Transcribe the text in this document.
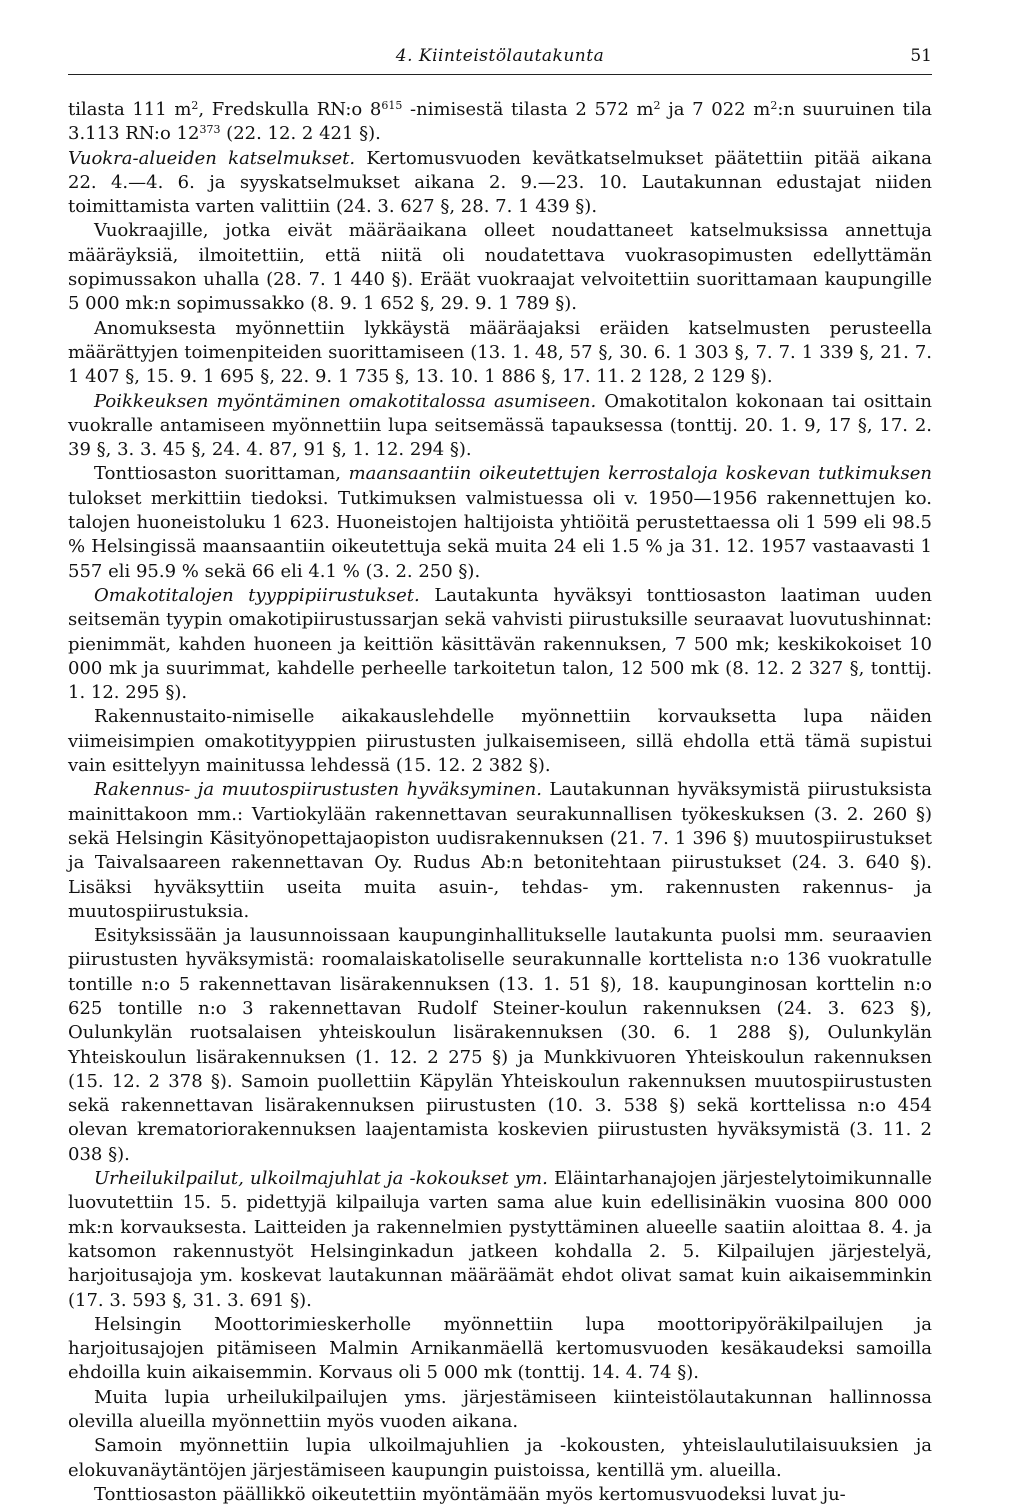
4. Kiinteistölautakunta	51

tilasta 111 $m^2$, Fredskulla RN:o $8^{615}$ -nimisestä tilasta 2 572 $m^2$ ja 7 022 $m^2:n$ suuruinen tila 3.113 RN:o $12^{373}$ (22. 12. 2 421 §).

Vuokra-alueiden katselmukset. Kertomusvuoden kevätkatselmukset päätettiin pitää aikana 22. 4.—4. 6. ja syyskatselmukset aikana 2. 9.—23. 10. Lautakunnan edustajat niiden toimittamista varten valittiin (24. 3. 627 §, 28. 7. 1 439 §).

Vuokraajille, jotka eivät määräaikana olleet noudattaneet katselmuksissa annettuja määräyksiä, ilmoitettiin, että niitä oli noudatettava vuokrasopimusten edellyttämän sopimussakon uhalla (28. 7. 1 440 §). Eräät vuokraajat velvoitettiin suorittamaan kaupungille 5 000 mk:n sopimussakko (8. 9. 1 652 §, 29. 9. 1 789 §).

Anomuksesta myönnettiin lykkäystä määräajaksi eräiden katselmusten perusteella määrättyjen toimenpiteiden suorittamiseen (13. 1. 48, 57 §, 30. 6. 1 303 §, 7. 7. 1 339 §, 21. 7. 1 407 §, 15. 9. 1 695 §, 22. 9. 1 735 §, 13. 10. 1 886 §, 17. 11. 2 128, 2 129 §).

Poikkeuksen myöntäminen omakotitalossa asumiseen. Omakotitalon kokonaan tai osittain vuokralle antamiseen myönnettiin lupa seitsemässä tapauksessa (tonttij. 20. 1. 9, 17 §, 17. 2. 39 §, 3. 3. 45 §, 24. 4. 87, 91 §, 1. 12. 294 §).

Tonttiosaston suorittaman, maansaantiin oikeutettujen kerrostaloja koskevan tutkimuksen tulokset merkittiin tiedoksi. Tutkimuksen valmistuessa oli v. 1950—1956 rakennettujen ko. talojen huoneistoluku 1 623. Huoneistojen haltijoista yhtiöitä perustettaessa oli 1 599 eli 98.5 % Helsingissä maansaantiin oikeutettuja sekä muita 24 eli 1.5 % ja 31. 12. 1957 vastaavasti 1 557 eli 95.9 % sekä 66 eli 4.1 % (3. 2. 250 §).

Omakotitalojen tyyppipiirustukset. Lautakunta hyväksyi tonttiosaston laatiman uuden seitsemän tyypin omakotipiirustussarjan sekä vahvisti piirustuksille seuraavat luovutushinnat: pienimmät, kahden huoneen ja keittiön käsittävän rakennuksen, 7 500 mk; keskikokoiset 10 000 mk ja suurimmat, kahdelle perheelle tarkoitetun talon, 12 500 mk (8. 12. 2 327 §, tonttij. 1. 12. 295 §).

Rakennustaito-nimiselle aikakauslehdelle myönnettiin korvauksetta lupa näiden viimeisimpien omakotityyppien piirustusten julkaisemiseen, sillä ehdolla että tämä supistui vain esittelyyn mainitussa lehdessä (15. 12. 2 382 §).

Rakennus- ja muutospiirustusten hyväksyminen. Lautakunnan hyväksymistä piirustuksista mainittakoon mm.: Vartiokylään rakennettavan seurakunnallisen työkeskuksen (3. 2. 260 §) sekä Helsingin Käsityönopettajaopiston uudisrakennuksen (21. 7. 1 396 §) muutospiirustukset ja Taivalsaareen rakennettavan Oy. Rudus Ab:n betonitehtaan piirustukset (24. 3. 640 §). Lisäksi hyväksyttiin useita muita asuin-, tehdas- ym. rakennusten rakennus- ja muutospiirustuksia.

Esityksissään ja lausunnoissaan kaupunginhallitukselle lautakunta puolsi mm. seuraavien piirustusten hyväksymistä: roomalaiskatoliselle seurakunnalle korttelista n:o 136 vuokratulle tontille n:o 5 rakennettavan lisärakennuksen (13. 1. 51 §), 18. kaupunginosan korttelin n:o 625 tontille n:o 3 rakennettavan Rudolf Steiner-koulun rakennuksen (24. 3. 623 §), Oulunkylän ruotsalaisen yhteiskoulun lisärakennuksen (30. 6. 1 288 §), Oulunkylän Yhteiskoulun lisärakennuksen (1. 12. 2 275 §) ja Munkkivuoren Yhteiskoulun rakennuksen (15. 12. 2 378 §). Samoin puollettiin Käpylän Yhteiskoulun rakennuksen muutospiirustusten sekä rakennettavan lisärakennuksen piirustusten (10. 3. 538 §) sekä korttelissa n:o 454 olevan krematoriorakennuksen laajentamista koskevien piirustusten hyväksymistä (3. 11. 2 038 §).

Urheilukilpailut, ulkoilmajuhlat ja -kokoukset ym. Eläintarhanajojen järjestelytoimikunnalle luovutettiin 15. 5. pidettyjä kilpailuja varten sama alue kuin edellisinäkin vuosina 800 000 mk:n korvauksesta. Laitteiden ja rakennelmien pystyttäminen alueelle saatiin aloittaa 8. 4. ja katsomon rakennustyöt Helsinginkadun jatkeen kohdalla 2. 5. Kilpailujen järjestelyä, harjoitusajoja ym. koskevat lautakunnan määräämät ehdot olivat samat kuin aikaisemminkin (17. 3. 593 §, 31. 3. 691 §).

Helsingin Moottorimieskerholle myönnettiin lupa moottoripyöräkilpailujen ja harjoitusajojen pitämiseen Malmin Arnikanmäellä kertomusvuoden kesäkaudeksi samoilla ehdoilla kuin aikaisemmin. Korvaus oli 5 000 mk (tonttij. 14. 4. 74 §).

Muita lupia urheilukilpailujen yms. järjestämiseen kiinteistölautakunnan hallinnossa olevilla alueilla myönnettiin myös vuoden aikana.

Samoin myönnettiin lupia ulkoilmajuhlien ja -kokousten, yhteislaulutilaisuuksien ja elokuvanäytäntöjen järjestämiseen kaupungin puistoissa, kentillä ym. alueilla.

Tonttiosaston päällikkö oikeutettiin myöntämään myös kertomusvuodeksi luvat ju-
